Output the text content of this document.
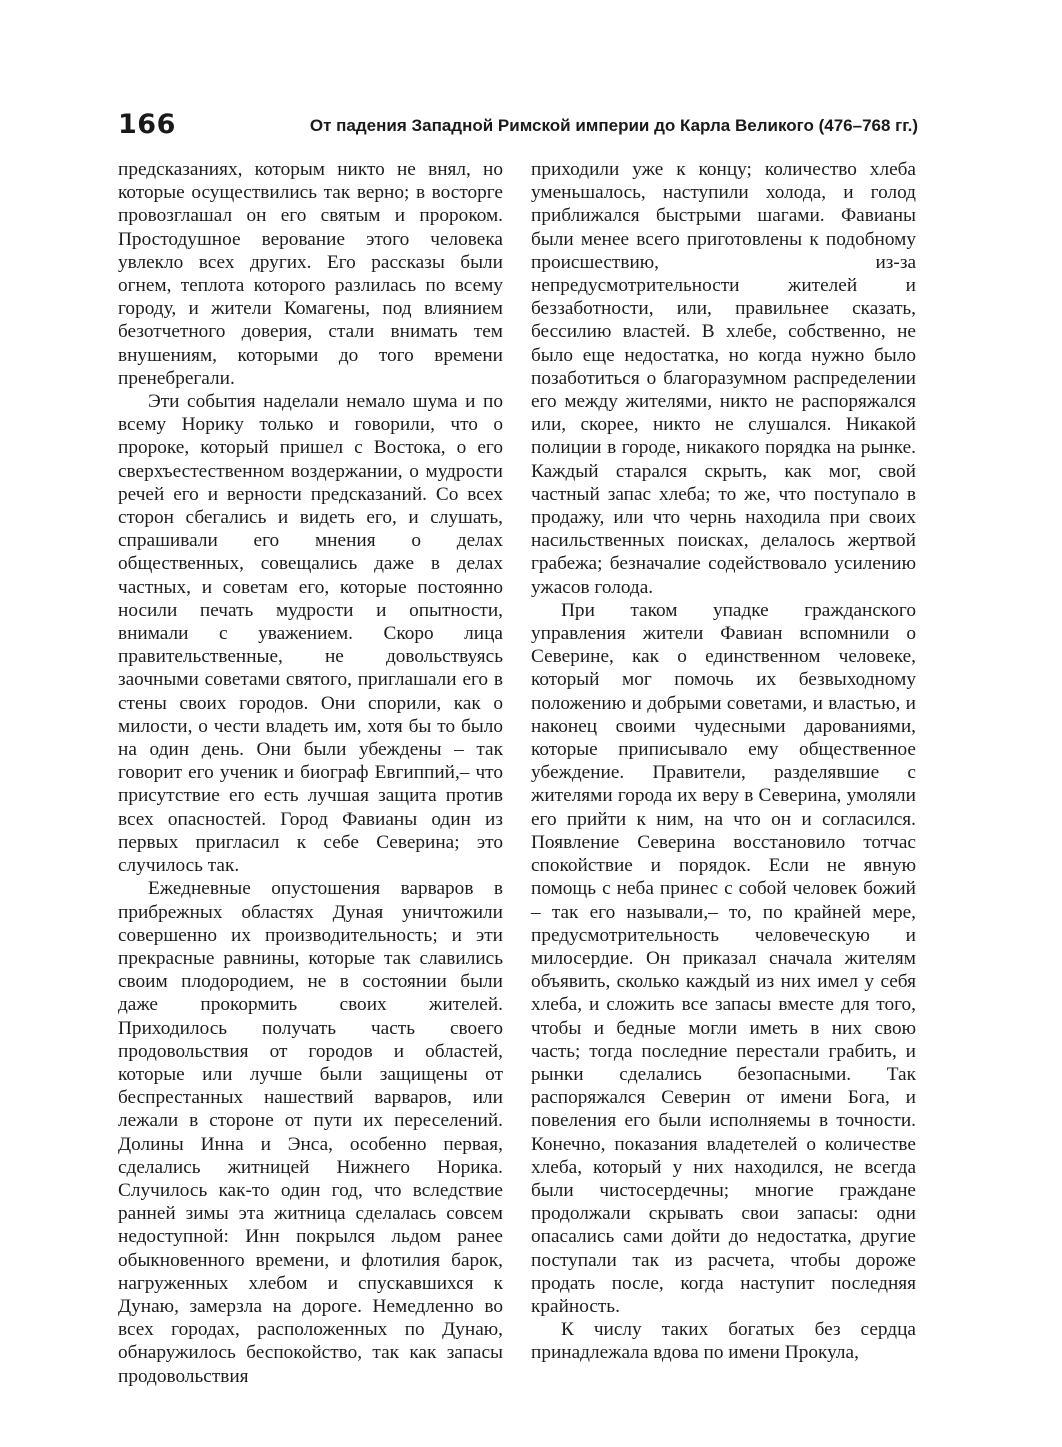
166	От падения Западной Римской империи до Карла Великого (476–768 гг.)

предсказаниях, которым никто не внял, но которые осуществились так верно; в восторге провозглашал он его святым и пророком. Простодушное верование этого человека увлекло всех других. Его рассказы были огнем, теплота которого разлилась по всему городу, и жители Комагены, под влиянием безотчетного доверия, стали внимать тем внушениям, которыми до того времени пренебрегали.

Эти события наделали немало шума и по всему Норику только и говорили, что о пророке, который пришел с Востока, о его сверхъестественном воздержании, о мудрости речей его и верности предсказаний. Со всех сторон сбегались и видеть его, и слушать, спрашивали его мнения о делах общественных, совещались даже в делах частных, и советам его, которые постоянно носили печать мудрости и опытности, внимали с уважением. Скоро лица правительственные, не довольствуясь заочными советами святого, приглашали его в стены своих городов. Они спорили, как о милости, о чести владеть им, хотя бы то было на один день. Они были убеждены – так говорит его ученик и биограф Евгиппий,– что присутствие его есть лучшая защита против всех опасностей. Город Фавианы один из первых пригласил к себе Северина; это случилось так.

Ежедневные опустошения варваров в прибрежных областях Дуная уничтожили совершенно их производительность; и эти прекрасные равнины, которые так славились своим плодородием, не в состоянии были даже прокормить своих жителей. Приходилось получать часть своего продовольствия от городов и областей, которые или лучше были защищены от беспрестанных нашествий варваров, или лежали в стороне от пути их переселений. Долины Инна и Энса, особенно первая, сделались житницей Нижнего Норика. Случилось как-то один год, что вследствие ранней зимы эта житница сделалась совсем недоступной: Инн покрылся льдом ранее обыкновенного времени, и флотилия барок, нагруженных хлебом и спускавшихся к Дунаю, замерзла на дороге. Немедленно во всех городах, расположенных по Дунаю, обнаружилось беспокойство, так как запасы продовольствия

приходили уже к концу; количество хлеба уменьшалось, наступили холода, и голод приближался быстрыми шагами. Фавианы были менее всего приготовлены к подобному происшествию, из-за непредусмотрительности жителей и беззаботности, или, правильнее сказать, бессилию властей. В хлебе, собственно, не было еще недостатка, но когда нужно было позаботиться о благоразумном распределении его между жителями, никто не распоряжался или, скорее, никто не слушался. Никакой полиции в городе, никакого порядка на рынке. Каждый старался скрыть, как мог, свой частный запас хлеба; то же, что поступало в продажу, или что чернь находила при своих насильственных поисках, делалось жертвой грабежа; безначалие содействовало усилению ужасов голода.

При таком упадке гражданского управления жители Фавиан вспомнили о Северине, как о единственном человеке, который мог помочь их безвыходному положению и добрыми советами, и властью, и наконец своими чудесными дарованиями, которые приписывало ему общественное убеждение. Правители, разделявшие с жителями города их веру в Северина, умоляли его прийти к ним, на что он и согласился. Появление Северина восстановило тотчас спокойствие и порядок. Если не явную помощь с неба принес с собой человек божий – так его называли,– то, по крайней мере, предусмотрительность человеческую и милосердие. Он приказал сначала жителям объявить, сколько каждый из них имел у себя хлеба, и сложить все запасы вместе для того, чтобы и бедные могли иметь в них свою часть; тогда последние перестали грабить, и рынки сделались безопасными. Так распоряжался Северин от имени Бога, и повеления его были исполняемы в точности. Конечно, показания владетелей о количестве хлеба, который у них находился, не всегда были чистосердечны; многие граждане продолжали скрывать свои запасы: одни опасались сами дойти до недостатка, другие поступали так из расчета, чтобы дороже продать после, когда наступит последняя крайность.

К числу таких богатых без сердца принадлежала вдова по имени Прокула,
